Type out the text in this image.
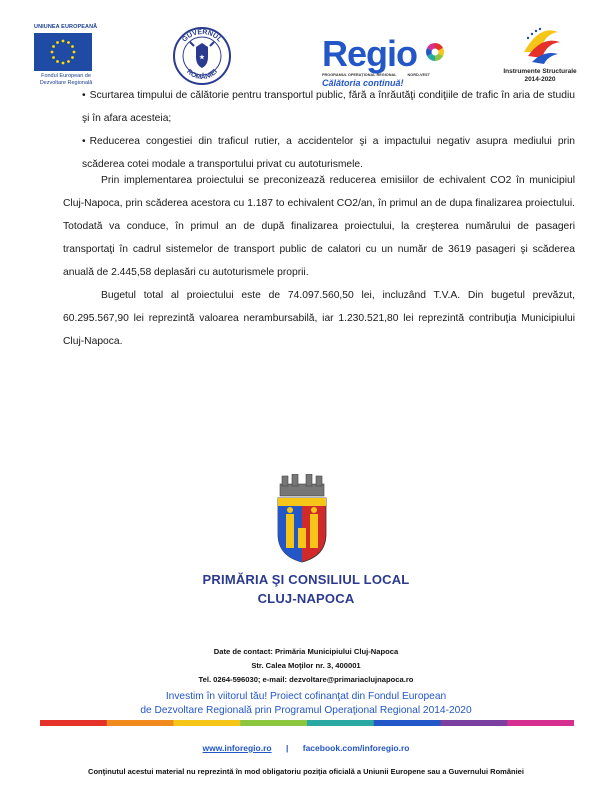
UNIUNEA EUROPEANĂ
Fondul European de Dezvoltare Regională
GUVERNUL
ROMÂNIEI
★	Regio
PROGRAMUL OPERAȚIONAL REGIONAL	NORD-VEST
Călătoria continuă!
Instrumente Structurale
2014-2020
• Scurtarea timpului de călătorie pentru transportul public, fără a înrăutăţi condiţiile de trafic în aria de studiu şi în afara acesteia;
• Reducerea congestiei din traficul rutier, a accidentelor şi a impactului negativ asupra mediului prin scăderea cotei modale a transportului privat cu autoturismele.
Prin implementarea proiectului se preconizează reducerea emisiilor de echivalent CO2 în municipiul Cluj-Napoca, prin scăderea acestora cu 1.187 to echivalent CO2/an, în primul an de dupa finalizarea proiectului. Totodată va conduce, în primul an de după finalizarea proiectului, la creşterea numărului de pasageri transportaţi în cadrul sistemelor de transport public de calatori cu un număr de 3619 pasageri şi scăderea anuală de 2.445,58 deplasări cu autoturismele proprii.
Bugetul total al proiectului este de 74.097.560,50 lei, incluzând T.V.A. Din bugetul prevăzut, 60.295.567,90 lei reprezintă valoarea nerambursabilă, iar 1.230.521,80 lei reprezintă contribuţia Municipiului Cluj-Napoca.
PRIMĂRIA ŞI CONSILIUL LOCAL
CLUJ-NAPOCA
Date de contact: Primăria Municipiului Cluj-Napoca
Str. Calea Moţilor nr. 3, 400001
Tel. 0264-596030; e-mail: dezvoltare@primariaclujnapoca.ro
Investim în viitorul tău! Proiect cofinanţat din Fondul European
de Dezvoltare Regională prin Programul Operaţional Regional 2014-2020
www.inforegio.ro | facebook.com/inforegio.ro
Conţinutul acestui material nu reprezintă în mod obligatoriu poziţia oficială a Uniunii Europene sau a Guvernului României
